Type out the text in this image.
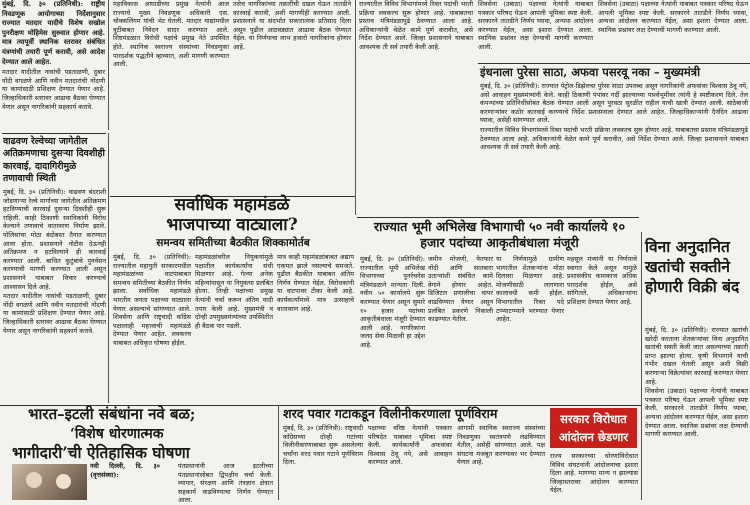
मुंबई, दि. ३० (प्रतिनिधी): राष्ट्रीय निवडणूक आयोगाच्या निर्देशानुसार राज्यात मतदार यादीचे विशेष सखोल पुनरीक्षण मोहिमेस सुरुवात होणार आहे. मात्र त्यापूर्वी स्थानिक स्तरावर संबंधित यंत्रणांची तयारी पूर्ण करावी, असे आदेश देण्यात आले आहेत.

मतदार यादीतील नावांची पडताळणी, दुबार नोंदी वगळणे आणि नवीन मतदारांची नोंदणी या कामांसाठी प्रशिक्षण देण्यात येणार आहे. जिल्हाधिकारी स्तरावर आढावा बैठका घेण्यात येणार असून नागरिकांनी सहकार्य करावे.

महाविकास आघाडीच्या प्रमुख नेत्यांनी आज राज्याचे मुख्य निवडणूक अधिकारी एस. चोक्कलिंगम यांची भेट घेतली. मतदार याद्यांमधील त्रुटींबाबत निवेदन सादर करण्यात आले. शिष्टमंडळात विरोधी पक्षांचे प्रमुख नेते उपस्थित होते. स्थानिक स्वराज्य संस्थांच्या निवडणुका पारदर्शक पद्धतीने व्हाव्यात, अशी मागणी करण्यात आली.

तसेच नागरिकांच्या तक्रारींची दखल घेऊन तातडीने कारवाई करावी, अशी मागणीही करण्यात आली. प्रशासनाने या संदर्भात सकारात्मक प्रतिसाद दिला असून पुढील आठवड्यात आढावा बैठक घेण्यात येईल. या निर्णयाचा लाभ हजारो नागरिकांना होणार आहे.

राज्यातील विविध विभागांमध्ये रिक्त पदांची भरती प्रक्रिया लवकरच सुरू होणार आहे. याबाबतचा प्रस्ताव मंत्रिमंडळापुढे ठेवण्यात आला आहे. अधिकाऱ्यांनी वेळेत कामे पूर्ण करावीत, असे निर्देश देण्यात आले. जिल्हा प्रशासनाने याबाबत आवश्यक ती सर्व तयारी केली आहे.

शिवसेना (उबाठा) पक्षाच्या नेत्यांनी याबाबत पत्रकार परिषद घेऊन आपली भूमिका स्पष्ट केली. सरकारने तातडीने निर्णय घ्यावा, अन्यथा आंदोलन करण्यात येईल, असा इशारा देण्यात आला. स्थानिक प्रश्नांवर लक्ष देण्याची मागणी करण्यात आली.

शिवसेना (उबाठा) पक्षाच्या नेत्यांनी याबाबत पत्रकार परिषद घेऊन आपली भूमिका स्पष्ट केली. सरकारने तातडीने निर्णय घ्यावा, अन्यथा आंदोलन करण्यात येईल, असा इशारा देण्यात आला. स्थानिक प्रश्नांवर लक्ष देण्याची मागणी करण्यात आली.

इंधनाला पुरेसा साठा, अफवा पसरवू नका – मुख्यमंत्री

मुंबई, दि. ३० (प्रतिनिधी): राज्यात पेट्रोल-डिझेलचा पुरेसा साठा उपलब्ध असून नागरिकांनी अफवांवर विश्वास ठेवू नये, असे आवाहन मुख्यमंत्र्यांनी केले. काही ठिकाणी पंपांवर गर्दी झाल्याच्या पार्श्वभूमीवर त्यांनी हे स्पष्टीकरण दिले. तेल कंपन्यांच्या प्रतिनिधींसोबत बैठक घेण्यात आली असून पुरवठा सुरळीत राहील याची खात्री देण्यात आली. साठेबाजी करणाऱ्यांवर कठोर कारवाई करण्याचे निर्देश प्रशासनाला देण्यात आले आहेत. जिल्हाधिकाऱ्यांनी दैनंदिन आढावा घ्यावा, असेही सांगण्यात आले.

राज्यातील विविध विभागांमध्ये रिक्त पदांची भरती प्रक्रिया लवकरच सुरू होणार आहे. याबाबतचा प्रस्ताव मंत्रिमंडळापुढे ठेवण्यात आला आहे. अधिकाऱ्यांनी वेळेत कामे पूर्ण करावीत, असे निर्देश देण्यात आले. जिल्हा प्रशासनाने याबाबत आवश्यक ती सर्व तयारी केली आहे.

वाढवण रेल्वेच्या जागेतील अतिक्रमणाचा दुसऱ्या दिवशीही कारवाई, दादागिरीमुळे तणावाची स्थिती

मुंबई, दि. ३० (प्रतिनिधी): वाढवण बंदराशी जोडणाऱ्या रेल्वे मार्गाच्या जागेतील अतिक्रमण हटविण्याची कारवाई दुसऱ्या दिवशीही सुरू राहिली. काही ठिकाणी स्थानिकांनी विरोध केल्याने तणावाचे वातावरण निर्माण झाले. पोलिसांचा मोठा बंदोबस्त तैनात करण्यात आला होता. प्रशासनाने नोटीस देऊनही अतिक्रमण न हटविल्याने ही कारवाई करण्यात आली. बाधित कुटुंबांचे पुनर्वसन करण्याची मागणी करण्यात आली असून प्रशासनाने याबाबत विचार करण्याचे आश्वासन दिले आहे.

मतदार यादीतील नावांची पडताळणी, दुबार नोंदी वगळणे आणि नवीन मतदारांची नोंदणी या कामांसाठी प्रशिक्षण देण्यात येणार आहे. जिल्हाधिकारी स्तरावर आढावा बैठका घेण्यात येणार असून नागरिकांनी सहकार्य करावे.

सर्वाधिक महामंडळे
भाजपाच्या वाट्याला?
समन्वय समितीच्या बैठकीत शिक्कामोर्तब

मुंबई, दि. ३० (प्रतिनिधी): राज्यातील महायुती सरकारमधील महामंडळांच्या वाटपाबाबत समन्वय समितीच्या बैठकीत निर्णय झाला. सर्वाधिक महामंडळे भारतीय जनता पक्षाच्या वाट्याला येणार असल्याचे सांगण्यात आले. शिवसेना आणि राष्ट्रवादी काँग्रेस पक्षालाही महत्त्वाची महामंडळे देण्यात येणार आहेत. लवकरच याबाबत अधिकृत घोषणा होईल.

महामंडळांवरील नियुक्त्यांमुळे पक्षातील कार्यकर्त्यांना संधी मिळणार आहे. गेल्या अनेक महिन्यांपासून या नियुक्त्या प्रलंबित होत्या. तिन्ही पक्षांच्या प्रमुख नेत्यांनी चर्चा करून अंतिम यादी तयार केली आहे. मुख्यमंत्री व दोन्ही उपमुख्यमंत्र्यांच्या उपस्थितीत ही बैठक पार पडली.

मात्र काही महामंडळांबाबत अद्याप एकमत झाले नसल्याचे समजते. पुढील बैठकीत याबाबत अंतिम निर्णय घेण्यात येईल. विरोधकांनी या वाटपावर टीका केली आहे. कार्यकर्त्यांमध्ये मात्र उत्साहाचे वातावरण आहे.

राज्यात भूमी अभिलेख विभागाची ५० नवी कार्यालये १० हजार पदांच्या आकृतीबंधाला मंजूरी

मुंबई, दि. ३० (प्रतिनिधी): राज्यातील भूमी अभिलेख विभागाच्या पुनर्रचनेस मंत्रिमंडळाने मान्यता दिली. नवीन ५० कार्यालये सुरू करण्यात येणार असून सुमारे १० हजार पदांच्या आकृतीबंधाला मंजूरी देण्यात आली आहे. नागरिकांना जलद सेवा मिळावी हा उद्देश आहे.

जमीन मोजणी, फेरफार नोंदी आणि सातबारा उताऱ्यांशी संबंधित कामे वेगाने होणार आहेत. डिजिटल प्रणालीचा वापर वाढविण्यात येणार असून प्रलंबित प्रकरणे निकाली काढण्यात येतील.

या निर्णयामुळे ग्रामीण भागातील शेतकऱ्यांना मोठा दिलासा मिळणार आहे. मोजणीसाठी लागणारा कालावधी कमी होईल. विभागातील रिक्त पदे टप्प्याटप्प्याने भरण्यात येणार आहेत.

महसूल मंत्र्यांनी या निर्णयाचे स्वागत केले असून यामुळे प्रशासकीय कामकाज अधिक पारदर्शक होईल, असे सांगितले. अधिकाऱ्यांना प्रशिक्षण देण्यात येणार आहे.

विना अनुदानित खतांची सक्तीने होणारी विक्री बंद

मुंबई, दि. ३० (प्रतिनिधी): राज्यात खतांची खरेदी करताना शेतकऱ्यांवर विना अनुदानित खतांची सक्ती केली जात असल्याच्या तक्रारी प्राप्त झाल्या होत्या. कृषी विभागाने याची गंभीर दखल घेतली असून अशी विक्री करणाऱ्या विक्रेत्यांवर कारवाई करण्यात येणार आहे.

शिवसेना (उबाठा) पक्षाच्या नेत्यांनी याबाबत पत्रकार परिषद घेऊन आपली भूमिका स्पष्ट केली. सरकारने तातडीने निर्णय घ्यावा, अन्यथा आंदोलन करण्यात येईल, असा इशारा देण्यात आला. स्थानिक प्रश्नांवर लक्ष देण्याची मागणी करण्यात आली.

भारत–इटली संबंधांना नवे बळ;
‘विशेष धोरणात्मक
भागीदारी’ची ऐतिहासिक घोषणा

नवी दिल्ली, दि. ३० (वृत्तसंस्था):

पंतप्रधानांनी आज इटलीच्या पंतप्रधानांसोबत द्विपक्षीय चर्चा केली. व्यापार, संरक्षण आणि तंत्रज्ञान क्षेत्रात सहकार्य वाढविण्याचा निर्णय घेण्यात आला.

शरद पवार गटाकडून विलीनीकरणाला पूर्णविराम

मुंबई, दि. ३० (प्रतिनिधी): राष्ट्रवादी काँग्रेसच्या दोन्ही गटांच्या विलीनीकरणाबाबत सुरू असलेल्या चर्चांना शरद पवार गटाने पूर्णविराम दिला.

पक्षाच्या वरिष्ठ नेत्यांनी पत्रकार परिषदेत याबाबत भूमिका स्पष्ट केली. कार्यकर्त्यांनी अफवांवर विश्वास ठेवू नये, असे आवाहन करण्यात आले.

आगामी स्थानिक स्वराज्य संस्थांच्या निवडणुका स्वतंत्रपणे लढविण्यात येतील, असेही सांगण्यात आले. पक्ष संघटना मजबूत करण्यावर भर देण्यात येणार आहे.

सरकार विरोधात
आंदोलन छेडणार

राज्य सरकारच्या धोरणांविरोधात विविध संघटनांनी आंदोलनाचा इशारा दिला आहे. मागण्या मान्य न झाल्यास जिल्हास्तरावर आंदोलन करण्यात येईल.
